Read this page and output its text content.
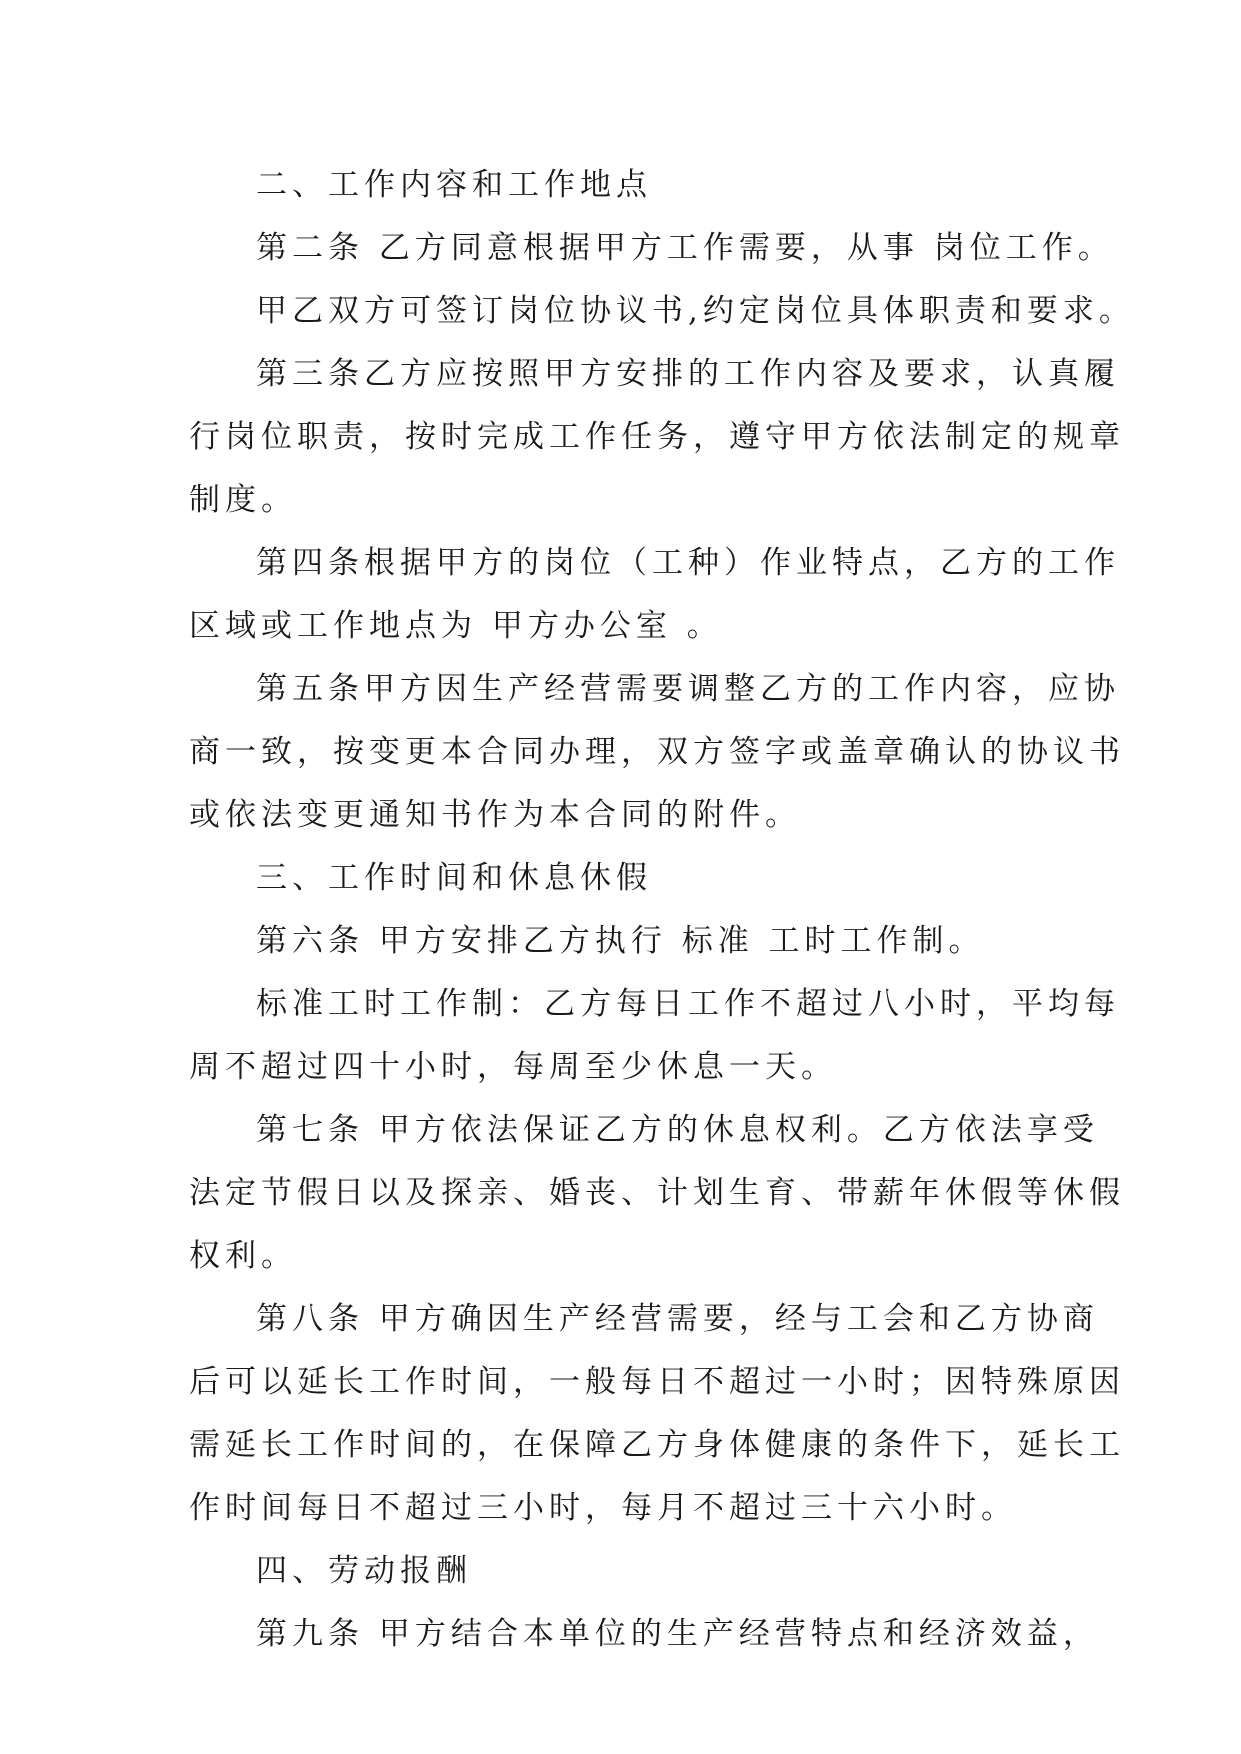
二、工作内容和工作地点
第二条 乙方同意根据甲方工作需要，从事 岗位工作。
甲乙双方可签订岗位协议书,约定岗位具体职责和要求。
第三条乙方应按照甲方安排的工作内容及要求，认真履
行岗位职责，按时完成工作任务，遵守甲方依法制定的规章
制度。
第四条根据甲方的岗位（工种）作业特点，乙方的工作
区域或工作地点为 甲方办公室 。
第五条甲方因生产经营需要调整乙方的工作内容，应协
商一致，按变更本合同办理，双方签字或盖章确认的协议书
或依法变更通知书作为本合同的附件。
三、工作时间和休息休假
第六条 甲方安排乙方执行 标准 工时工作制。
标准工时工作制：乙方每日工作不超过八小时，平均每
周不超过四十小时，每周至少休息一天。
第七条 甲方依法保证乙方的休息权利。乙方依法享受
法定节假日以及探亲、婚丧、计划生育、带薪年休假等休假
权利。
第八条 甲方确因生产经营需要，经与工会和乙方协商
后可以延长工作时间，一般每日不超过一小时；因特殊原因
需延长工作时间的，在保障乙方身体健康的条件下，延长工
作时间每日不超过三小时，每月不超过三十六小时。
四、劳动报酬
第九条 甲方结合本单位的生产经营特点和经济效益，
